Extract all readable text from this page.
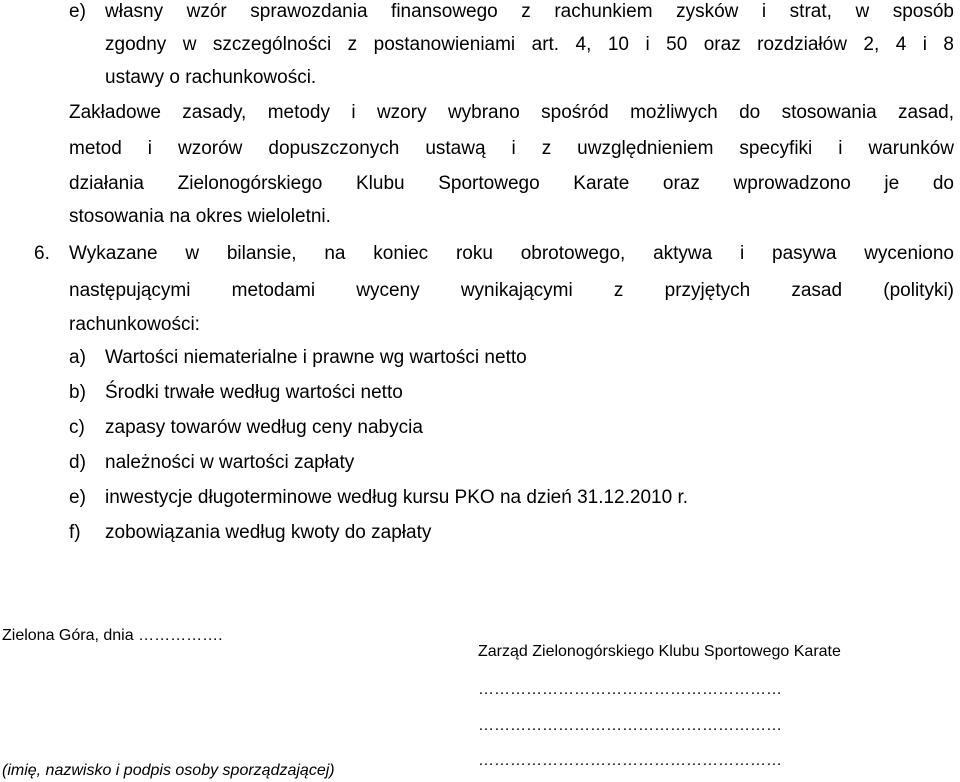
e) własny wzór sprawozdania finansowego z rachunkiem zysków i strat, w sposób
zgodny w szczególności z postanowieniami art. 4, 10 i 50 oraz rozdziałów 2, 4 i 8
ustawy o rachunkowości.
Zakładowe zasady, metody i wzory wybrano spośród możliwych do stosowania zasad,
metod i wzorów dopuszczonych ustawą i z uwzględnieniem specyfiki i warunków
działania Zielonogórskiego Klubu Sportowego Karate oraz wprowadzono je do
stosowania na okres wieloletni.
6. Wykazane w bilansie, na koniec roku obrotowego, aktywa i pasywa wyceniono
następującymi metodami wyceny wynikającymi z przyjętych zasad (polityki)
rachunkowości:
a) Wartości niematerialne i prawne wg wartości netto
b) Środki trwałe według wartości netto
c) zapasy towarów według ceny nabycia
d) należności w wartości zapłaty
e) inwestycje długoterminowe według kursu PKO na dzień 31.12.2010 r.
f) zobowiązania według kwoty do zapłaty
Zielona Góra, dnia …………….
Zarząd Zielonogórskiego Klubu Sportowego Karate
…………………………………………………
…………………………………………………
…………………………………………………
(imię, nazwisko i podpis osoby sporządzającej)
